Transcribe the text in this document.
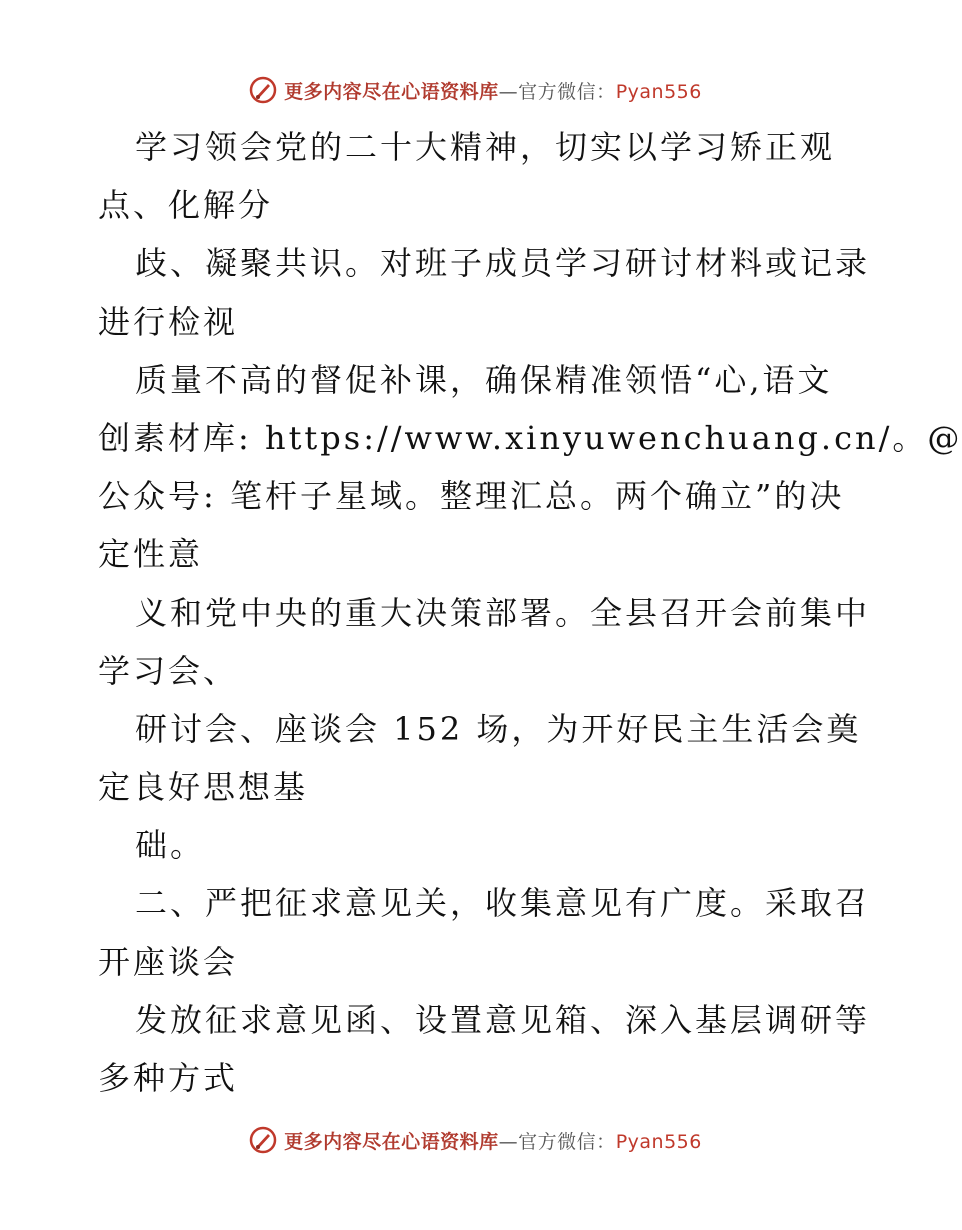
更多内容尽在心语资料库—官方微信：Pyan556
学习领会党的二十大精神，切实以学习矫正观
点、化解分
歧、凝聚共识。对班子成员学习研讨材料或记录
进行检视
质量不高的督促补课，确保精准领悟“心,语文
创素材库: https://www.xinyuwenchuang.cn/。@
公众号: 笔杆子星域。整理汇总。两个确立”的决
定性意
义和党中央的重大决策部署。全县召开会前集中
学习会、
研讨会、座谈会 152 场，为开好民主生活会奠
定良好思想基
础。
二、严把征求意见关，收集意见有广度。采取召
开座谈会
发放征求意见函、设置意见箱、深入基层调研等
多种方式
更多内容尽在心语资料库—官方微信：Pyan556
